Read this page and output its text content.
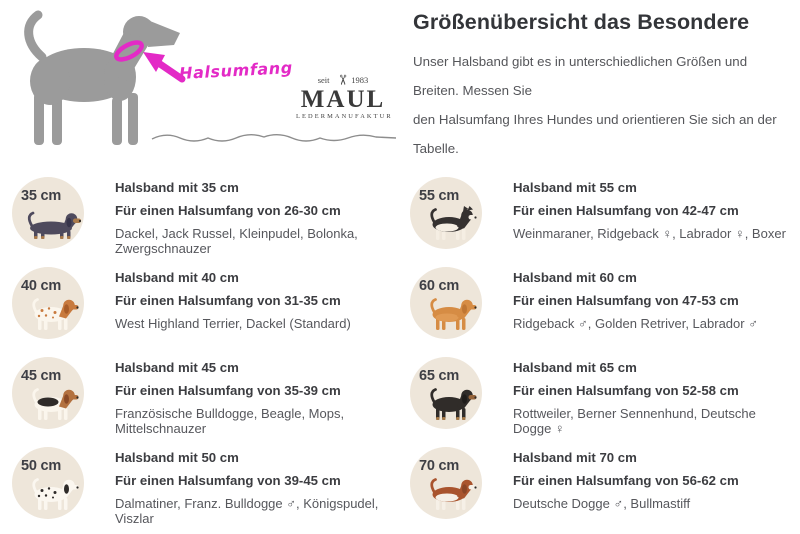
Halsumfang	seit ✂ 1983
MAUL
LEDERMANUFAKTUR
Größenübersicht das Besondere
Unser Halsband gibt es in unterschiedlichen Größen und Breiten. Messen Sie
den Halsumfang Ihres Hundes und orientieren Sie sich an der Tabelle.
35 cm
Halsband mit 35 cm
Für einen Halsumfang von 26-30 cm
Dackel, Jack Russel, Kleinpudel, Bolonka, Zwergschnauzer
55 cm
Halsband mit 55 cm
Für einen Halsumfang von 42-47 cm
Weinmaraner, Ridgeback ♀, Labrador ♀, Boxer
40 cm
Halsband mit 40 cm
Für einen Halsumfang von 31-35 cm
West Highland Terrier, Dackel (Standard)
60 cm
Halsband mit 60 cm
Für einen Halsumfang von 47-53 cm
Ridgeback ♂, Golden Retriver, Labrador ♂
45 cm
Halsband mit 45 cm
Für einen Halsumfang von 35-39 cm
Französische Bulldogge, Beagle, Mops, Mittelschnauzer
65 cm
Halsband mit 65 cm
Für einen Halsumfang von 52-58 cm
Rottweiler, Berner Sennenhund, Deutsche Dogge ♀
50 cm
Halsband mit 50 cm
Für einen Halsumfang von 39-45 cm
Dalmatiner, Franz. Bulldogge ♂, Königspudel, Viszlar
70 cm
Halsband mit 70 cm
Für einen Halsumfang von 56-62 cm
Deutsche Dogge ♂, Bullmastiff
